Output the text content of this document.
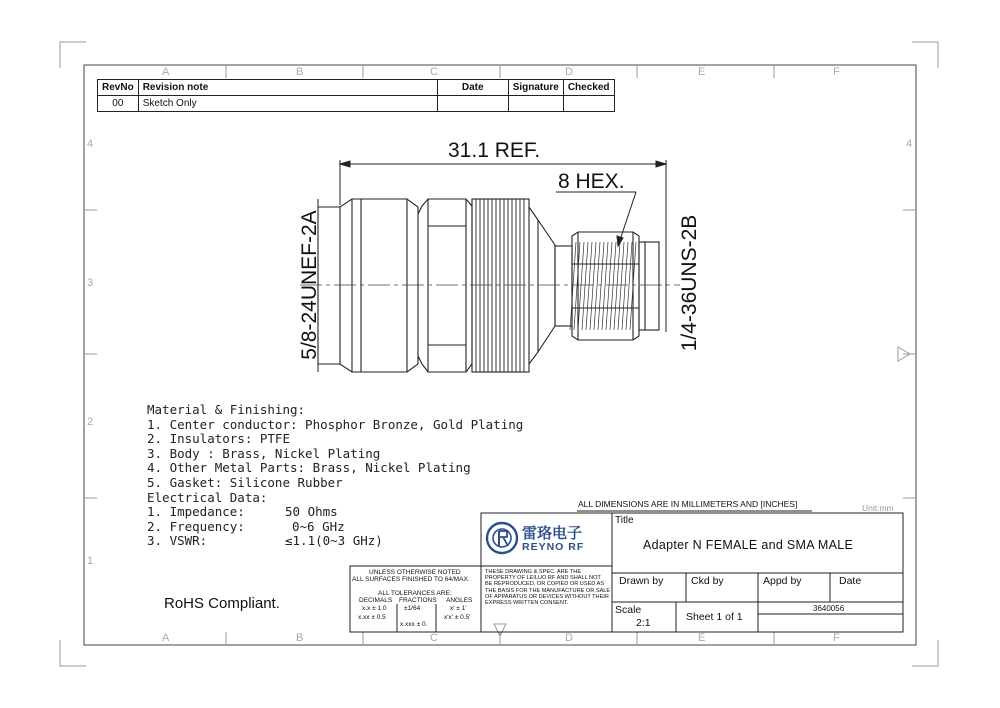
A	B	C	D	E	F
A	B	C	D	E	F
4
3
2
1
4
RevNo	Revision note	Date	Signature	Checked
00	Sketch Only			
31.1 REF.
8 HEX.
5/8-24UNEF-2A	1/4-36UNS-2B
Material & Finishing:
1. Center conductor: Phosphor Bronze, Gold Plating
2. Insulators: PTFE
3. Body : Brass, Nickel Plating
4. Other Metal Parts: Brass, Nickel Plating
5. Gasket: Silicone Rubber
Electrical Data:
1. Impedance:	50 Ohms
2. Frequency:	0~6 GHz
3. VSWR:	≤1.1(0~3 GHz)
RoHS Compliant.
ALL DIMENSIONS ARE IN MILLIMETERS AND [INCHES]	Unit:mm
雷珞电子
REYNO RF
Title
Adapter N FEMALE and SMA MALE
UNLESS OTHERWISE NOTED
ALL SURFACES FINISHED TO 64/MAX.
ALL TOLERANCES ARE:
DECIMALS FRACTIONS ANGLES
x.x ± 1.0
x.xx ± 0.5
±1/64
x.xxx ± 0.
x' ± 1'
x'x' ± 0.5'
THESE DRAWING & SPEC. ARE THE
PROPERTY OF LEILUO RF AND SHALL NOT
BE REPRODUCED, OR COPIED OR USED AS
THE BASIS FOR THE MANUFACTURE OR SALE
OF APPARATUS OR DEVICES WITHOUT THEIR
EXPRESS WRITTEN CONSENT.
Drawn by	Ckd by	Appd by	Date
Scale
2:1	Sheet 1 of 1
3640056
